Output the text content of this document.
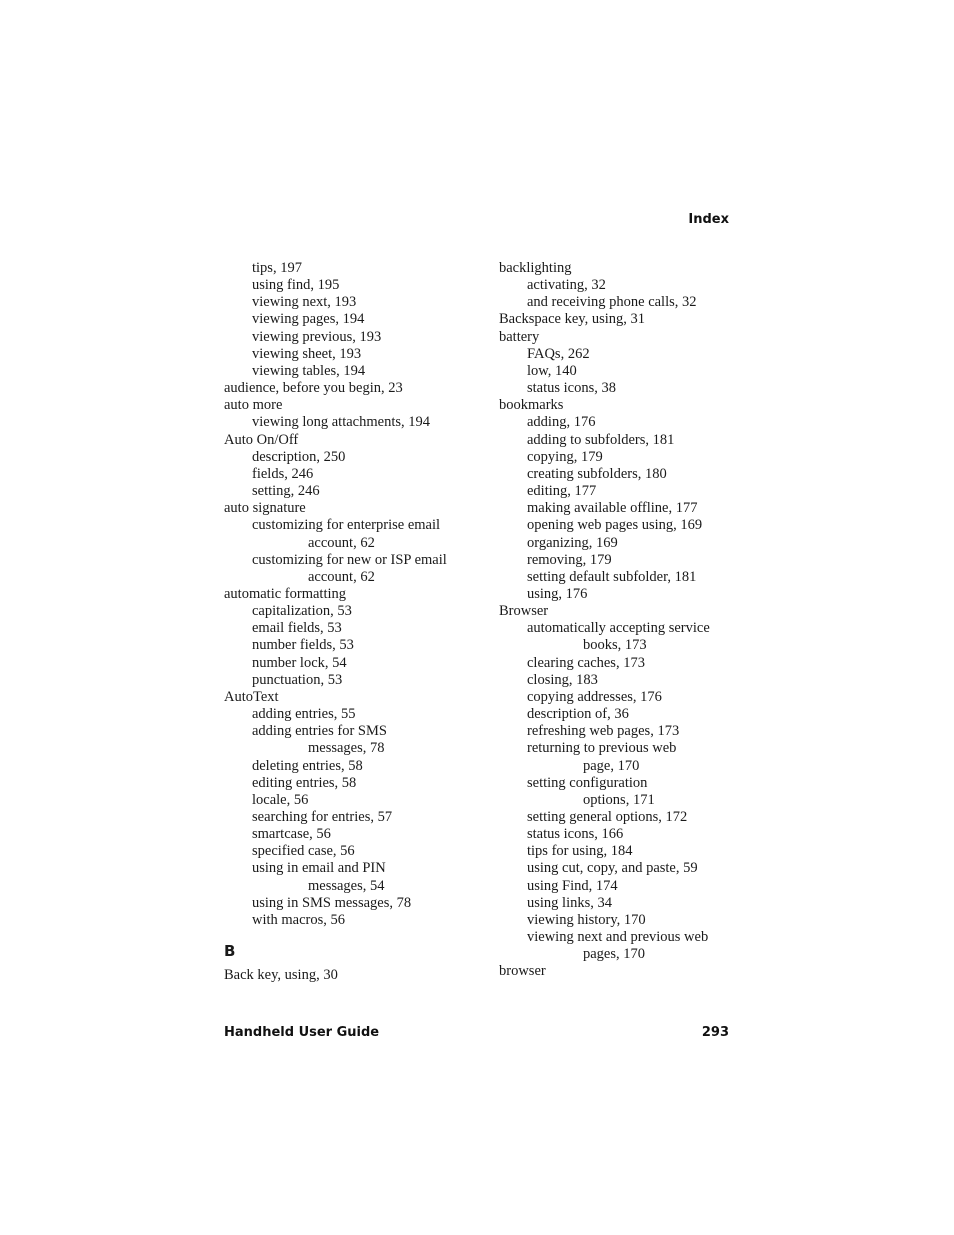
Index
tips, 197
using find, 195
viewing next, 193
viewing pages, 194
viewing previous, 193
viewing sheet, 193
viewing tables, 194
audience, before you begin, 23
auto more
viewing long attachments, 194
Auto On/Off
description, 250
fields, 246
setting, 246
auto signature
customizing for enterprise email
account, 62
customizing for new or ISP email
account, 62
automatic formatting
capitalization, 53
email fields, 53
number fields, 53
number lock, 54
punctuation, 53
AutoText
adding entries, 55
adding entries for SMS
messages, 78
deleting entries, 58
editing entries, 58
locale, 56
searching for entries, 57
smartcase, 56
specified case, 56
using in email and PIN
messages, 54
using in SMS messages, 78
with macros, 56
B
Back key, using, 30
backlighting
activating, 32
and receiving phone calls, 32
Backspace key, using, 31
battery
FAQs, 262
low, 140
status icons, 38
bookmarks
adding, 176
adding to subfolders, 181
copying, 179
creating subfolders, 180
editing, 177
making available offline, 177
opening web pages using, 169
organizing, 169
removing, 179
setting default subfolder, 181
using, 176
Browser
automatically accepting service
books, 173
clearing caches, 173
closing, 183
copying addresses, 176
description of, 36
refreshing web pages, 173
returning to previous web
page, 170
setting configuration
options, 171
setting general options, 172
status icons, 166
tips for using, 184
using cut, copy, and paste, 59
using Find, 174
using links, 34
viewing history, 170
viewing next and previous web
pages, 170
browser
Handheld User Guide	293
